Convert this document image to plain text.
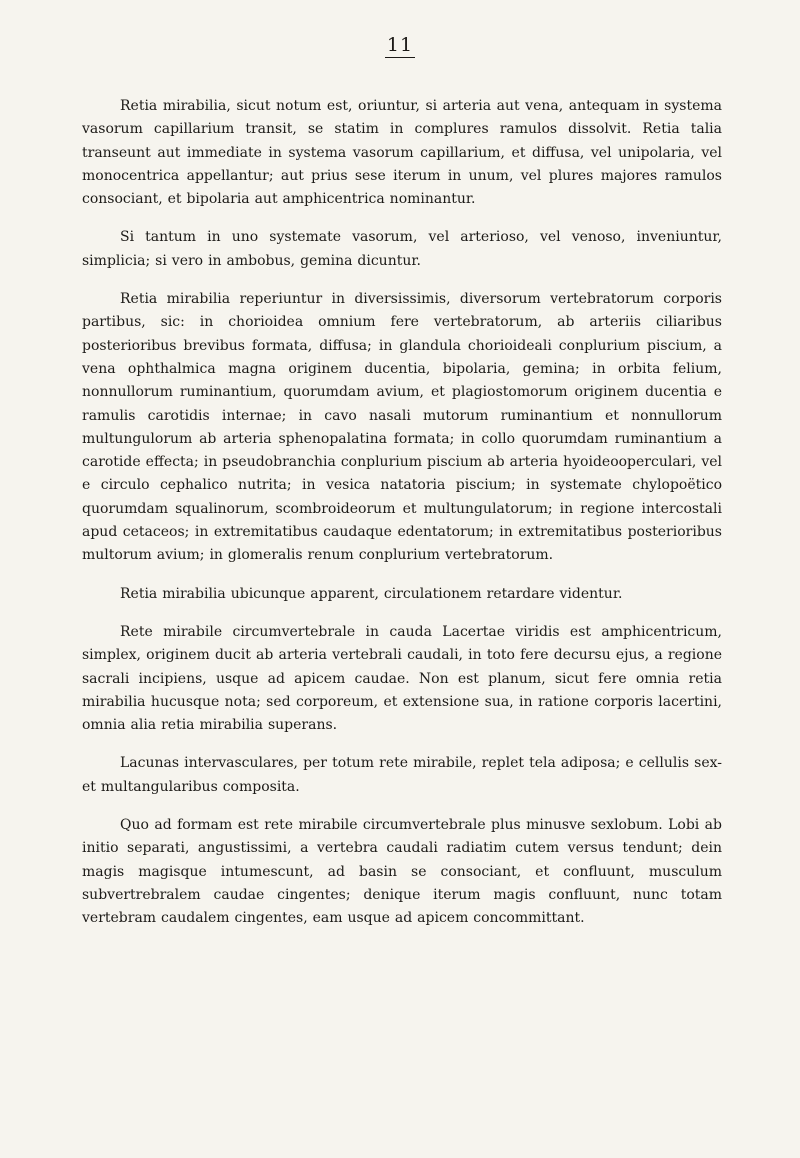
11

Retia mirabilia, sicut notum est, oriuntur, si arteria aut vena, antequam in systema vasorum capillarium transit, se statim in complures ramulos dissolvit. Retia talia transeunt aut immediate in systema vasorum capillarium, et diffusa, vel unipolaria, vel monocentrica appellantur; aut prius sese iterum in unum, vel plures majores ramulos consociant, et bipolaria aut amphicentrica nominantur.

Si tantum in uno systemate vasorum, vel arterioso, vel venoso, inveniuntur, simplicia; si vero in ambobus, gemina dicuntur.

Retia mirabilia reperiuntur in diversissimis, diversorum vertebratorum corporis partibus, sic: in chorioidea omnium fere vertebratorum, ab arteriis ciliaribus posterioribus brevibus formata, diffusa; in glandula chorioideali conplurium piscium, a vena ophthalmica magna originem ducentia, bipolaria, gemina; in orbita felium, nonnullorum ruminantium, quorumdam avium, et plagiostomorum originem ducentia e ramulis carotidis internae; in cavo nasali mutorum ruminantium et nonnullorum multungulorum ab arteria sphenopalatina formata; in collo quorumdam ruminantium a carotide effecta; in pseudobranchia conplurium piscium ab arteria hyoideooperculari, vel e circulo cephalico nutrita; in vesica natatoria piscium; in systemate chylopoëtico quorumdam squalinorum, scombroideorum et multungulatorum; in regione intercostali apud cetaceos; in extremitatibus caudaque edentatorum; in extremitatibus posterioribus multorum avium; in glomeralis renum conplurium vertebratorum.

Retia mirabilia ubicunque apparent, circulationem retardare videntur.

Rete mirabile circumvertebrale in cauda Lacertae viridis est amphicentricum, simplex, originem ducit ab arteria vertebrali caudali, in toto fere decursu ejus, a regione sacrali incipiens, usque ad apicem caudae. Non est planum, sicut fere omnia retia mirabilia hucusque nota; sed corporeum, et extensione sua, in ratione corporis lacertini, omnia alia retia mirabilia superans.

Lacunas intervasculares, per totum rete mirabile, replet tela adiposa; e cellulis sex- et multangularibus composita.

Quo ad formam est rete mirabile circumvertebrale plus minusve sexlobum. Lobi ab initio separati, angustissimi, a vertebra caudali radiatim cutem versus tendunt; dein magis magisque intumescunt, ad basin se consociant, et confluunt, musculum subvertrebralem caudae cingentes; denique iterum magis confluunt, nunc totam vertebram caudalem cingentes, eam usque ad apicem concommittant.
